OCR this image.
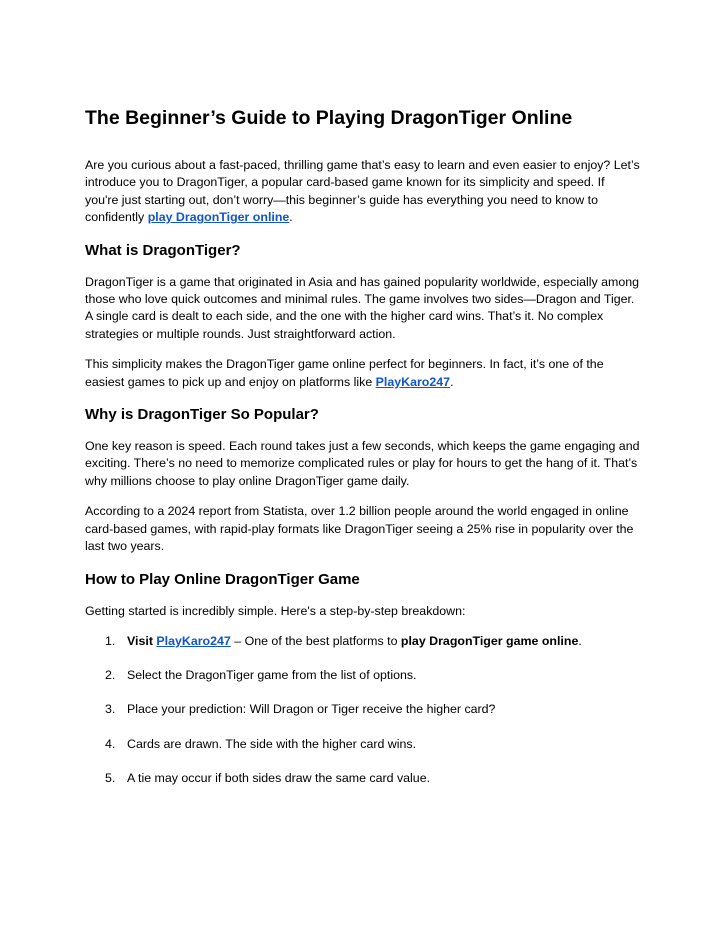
The Beginner’s Guide to Playing DragonTiger Online

Are you curious about a fast-paced, thrilling game that’s easy to learn and even easier to enjoy? Let’s introduce you to DragonTiger, a popular card-based game known for its simplicity and speed. If you're just starting out, don’t worry—this beginner’s guide has everything you need to know to confidently play DragonTiger online.

What is DragonTiger?

DragonTiger is a game that originated in Asia and has gained popularity worldwide, especially among those who love quick outcomes and minimal rules. The game involves two sides—Dragon and Tiger. A single card is dealt to each side, and the one with the higher card wins. That’s it. No complex strategies or multiple rounds. Just straightforward action.

This simplicity makes the DragonTiger game online perfect for beginners. In fact, it’s one of the easiest games to pick up and enjoy on platforms like PlayKaro247.

Why is DragonTiger So Popular?

One key reason is speed. Each round takes just a few seconds, which keeps the game engaging and exciting. There’s no need to memorize complicated rules or play for hours to get the hang of it. That’s why millions choose to play online DragonTiger game daily.

According to a 2024 report from Statista, over 1.2 billion people around the world engaged in online card-based games, with rapid-play formats like DragonTiger seeing a 25% rise in popularity over the last two years.

How to Play Online DragonTiger Game

Getting started is incredibly simple. Here's a step-by-step breakdown:

1. Visit PlayKaro247 – One of the best platforms to play DragonTiger game online.
2. Select the DragonTiger game from the list of options.
3. Place your prediction: Will Dragon or Tiger receive the higher card?
4. Cards are drawn. The side with the higher card wins.
5. A tie may occur if both sides draw the same card value.
